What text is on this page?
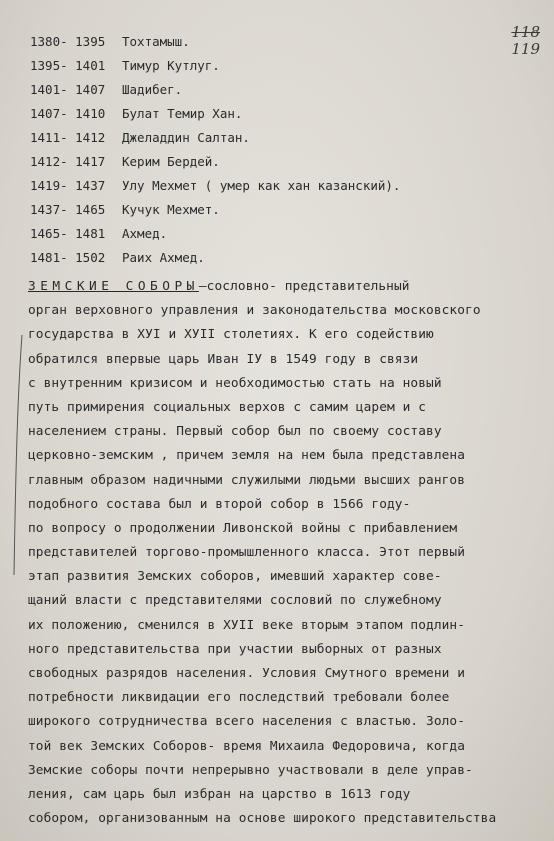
118
119
1380- 1395 Тохтамыш.
1395- 1401 Тимур Кутлуг.
1401- 1407 Шадибег.
1407- 1410 Булат Темир Хан.
1411- 1412 Джеладдин Салтан.
1412- 1417 Керим Бердей.
1419- 1437 Улу Мехмет ( умер как хан казанский).
1437- 1465 Кучук Мехмет.
1465- 1481 Ахмед.
1481- 1502 Раих Ахмед.
ЗЕМСКИЕ СОБОРЫ—сословно- представительный
орган верховного управления и законодательства московского
государства в ХУI и ХУII столетиях. К его содействию
обратился впервые царь Иван IУ в 1549 году в связи
с внутренним кризисом и необходимостью стать на новый
путь примирения социальных верхов с самим царем и с
населением страны. Первый собор был по своему составу
церковно-земским , причем земля на нем была представлена
главным образом надичными служилыми людьми высших рангов
подобного состава был и второй собор в 1566 году-
по вопросу о продолжении Ливонской войны с прибавлением
представителей торгово-промышленного класса. Этот первый
этап развития Земских соборов, имевший характер сове-
щаний власти с представителями сословий по служебному
их положению, сменился в ХУII веке вторым этапом подлин-
ного представительства при участии выборных от разных
свободных разрядов населения. Условия Смутного времени и
потребности ликвидации его последствий требовали более
широкого сотрудничества всего населения с властью. Золо-
той век Земских Соборов- время Михаила Федоровича, когда
Земские соборы почти непрерывно участвовали в деле управ-
ления, сам царь был избран на царство в 1613 году
собором, организованным на основе широкого представительства
